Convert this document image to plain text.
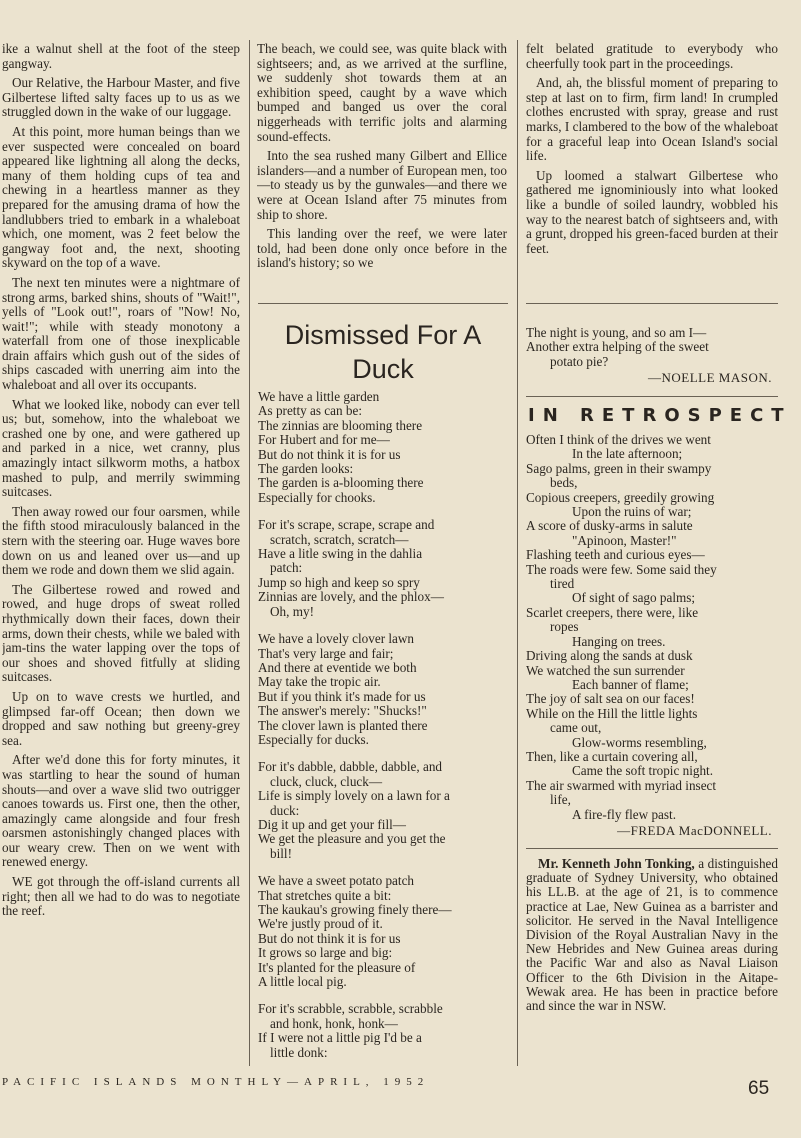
ike a walnut shell at the foot of the steep gangway.

Our Relative, the Harbour Master, and five Gilbertese lifted salty faces up to us as we struggled down in the wake of our luggage.

At this point, more human beings than we ever suspected were concealed on board appeared like lightning all along the decks, many of them holding cups of tea and chewing in a heartless manner as they prepared for the amusing drama of how the landlubbers tried to embark in a whaleboat which, one moment, was 2 feet below the gangway foot and, the next, shooting skyward on the top of a wave.

The next ten minutes were a nightmare of strong arms, barked shins, shouts of "Wait!", yells of "Look out!", roars of "Now! No, wait!"; while with steady monotony a waterfall from one of those inexplicable drain affairs which gush out of the sides of ships cascaded with unerring aim into the whaleboat and all over its occupants.

What we looked like, nobody can ever tell us; but, somehow, into the whaleboat we crashed one by one, and were gathered up and parked in a nice, wet cranny, plus amazingly intact silkworm moths, a hatbox mashed to pulp, and merrily swimming suitcases.

Then away rowed our four oarsmen, while the fifth stood miraculously balanced in the stern with the steering oar. Huge waves bore down on us and leaned over us—and up them we rode and down them we slid again.

The Gilbertese rowed and rowed and rowed, and huge drops of sweat rolled rhythmically down their faces, down their arms, down their chests, while we baled with jam-tins the water lapping over the tops of our shoes and shoved fitfully at sliding suitcases.

Up on to wave crests we hurtled, and glimpsed far-off Ocean; then down we dropped and saw nothing but greeny-grey sea.

After we'd done this for forty minutes, it was startling to hear the sound of human shouts—and over a wave slid two outrigger canoes towards us. First one, then the other, amazingly came alongside and four fresh oarsmen astonishingly changed places with our weary crew. Then on we went with renewed energy.

WE got through the off-island currents all right; then all we had to do was to negotiate the reef.

The beach, we could see, was quite black with sightseers; and, as we arrived at the surfline, we suddenly shot towards them at an exhibition speed, caught by a wave which bumped and banged us over the coral niggerheads with terrific jolts and alarming sound-effects.

Into the sea rushed many Gilbert and Ellice islanders—and a number of European men, too—to steady us by the gunwales—and there we were at Ocean Island after 75 minutes from ship to shore.

This landing over the reef, we were later told, had been done only once before in the island's history; so we

felt belated gratitude to everybody who cheerfully took part in the proceedings.

And, ah, the blissful moment of preparing to step at last on to firm, firm land! In crumpled clothes encrusted with spray, grease and rust marks, I clambered to the bow of the whaleboat for a graceful leap into Ocean Island's social life.

Up loomed a stalwart Gilbertese who gathered me ignominiously into what looked like a bundle of soiled laundry, wobbled his way to the nearest batch of sightseers and, with a grunt, dropped his green-faced burden at their feet.

Dismissed For A Duck
We have a little garden
As pretty as can be:
The zinnias are blooming there
For Hubert and for me—
But do not think it is for us
The garden looks:
The garden is a-blooming there
Especially for chooks.
For it's scrape, scrape, scrape and
scratch, scratch, scratch—
Have a litle swing in the dahlia
patch:
Jump so high and keep so spry
Zinnias are lovely, and the phlox—
Oh, my!
We have a lovely clover lawn
That's very large and fair;
And there at eventide we both
May take the tropic air.
But if you think it's made for us
The answer's merely: "Shucks!"
The clover lawn is planted there
Especially for ducks.
For it's dabble, dabble, dabble, and
cluck, cluck, cluck—
Life is simply lovely on a lawn for a
duck:
Dig it up and get your fill—
We get the pleasure and you get the
bill!
We have a sweet potato patch
That stretches quite a bit:
The kaukau's growing finely there—
We're justly proud of it.
But do not think it is for us
It grows so large and big:
It's planted for the pleasure of
A little local pig.
For it's scrabble, scrabble, scrabble
and honk, honk, honk—
If I were not a little pig I'd be a
little donk:
The night is young, and so am I—
Another extra helping of the sweet
potato pie?
—NOELLE MASON.
IN RETROSPECT
Often I think of the drives we went
In the late afternoon;
Sago palms, green in their swampy
beds,
Copious creepers, greedily growing
Upon the ruins of war;
A score of dusky-arms in salute
"Apinoon, Master!"
Flashing teeth and curious eyes—
The roads were few. Some said they
tired
Of sight of sago palms;
Scarlet creepers, there were, like
ropes
Hanging on trees.
Driving along the sands at dusk
We watched the sun surrender
Each banner of flame;
The joy of salt sea on our faces!
While on the Hill the little lights
came out,
Glow-worms resembling,
Then, like a curtain covering all,
Came the soft tropic night.
The air swarmed with myriad insect
life,
A fire-fly flew past.
—FREDA MacDONNELL.

Mr. Kenneth John Tonking, a distinguished graduate of Sydney University, who obtained his LL.B. at the age of 21, is to commence practice at Lae, New Guinea as a barrister and solicitor. He served in the Naval Intelligence Division of the Royal Australian Navy in the New Hebrides and New Guinea areas during the Pacific War and also as Naval Liaison Officer to the 6th Division in the Aitape-Wewak area. He has been in practice before and since the war in NSW.

PACIFIC ISLANDS MONTHLY—APRIL, 1952	65
